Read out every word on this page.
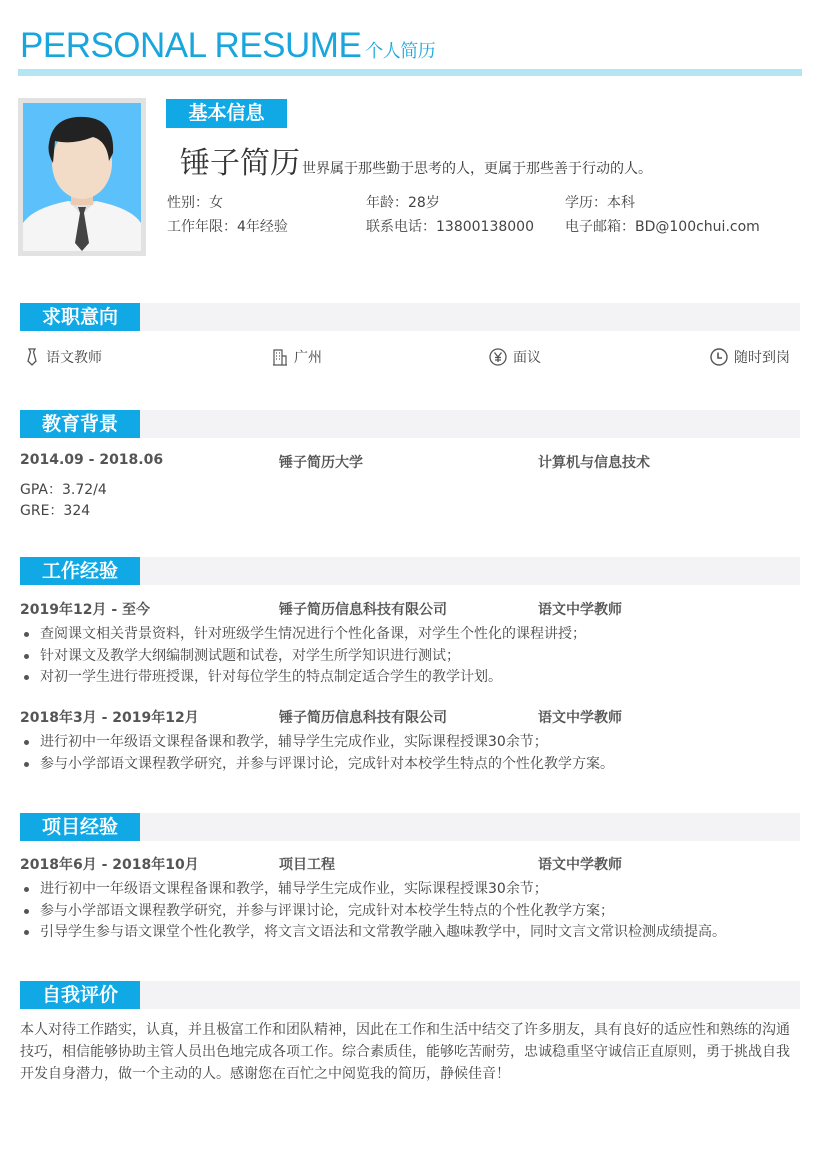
PERSONAL RESUME 个人简历
基本信息
锤子简历 世界属于那些勤于思考的人，更属于那些善于行动的人。
性别：女	年龄：28岁	学历：本科
工作年限：4年经验	联系电话：13800138000 电子邮箱：BD@100chui.com
求职意向
语文教师	广州	面议	随时到岗
教育背景
2014.09 - 2018.06	锤子简历大学	计算机与信息技术
GPA：3.72/4
GRE：324
工作经验
2019年12月 - 至今	锤子简历信息科技有限公司	语文中学教师
查阅课文相关背景资料，针对班级学生情况进行个性化备课，对学生个性化的课程讲授；
针对课文及教学大纲编制测试题和试卷，对学生所学知识进行测试；
对初一学生进行带班授课，针对每位学生的特点制定适合学生的教学计划。
2018年3月 - 2019年12月	锤子简历信息科技有限公司	语文中学教师
进行初中一年级语文课程备课和教学，辅导学生完成作业，实际课程授课30余节；
参与小学部语文课程教学研究，并参与评课讨论，完成针对本校学生特点的个性化教学方案。
项目经验
2018年6月 - 2018年10月	项目工程	语文中学教师
进行初中一年级语文课程备课和教学，辅导学生完成作业，实际课程授课30余节；
参与小学部语文课程教学研究，并参与评课讨论，完成针对本校学生特点的个性化教学方案；
引导学生参与语文课堂个性化教学，将文言文语法和文常教学融入趣味教学中，同时文言文常识检测成绩提高。
自我评价
本人对待工作踏实，认真，并且极富工作和团队精神，因此在工作和生活中结交了许多朋友，具有良好的适应性和熟练的沟通技巧，相信能够协助主管人员出色地完成各项工作。综合素质佳，能够吃苦耐劳，忠诚稳重坚守诚信正直原则，勇于挑战自我开发自身潜力，做一个主动的人。感谢您在百忙之中阅览我的简历，静候佳音！
